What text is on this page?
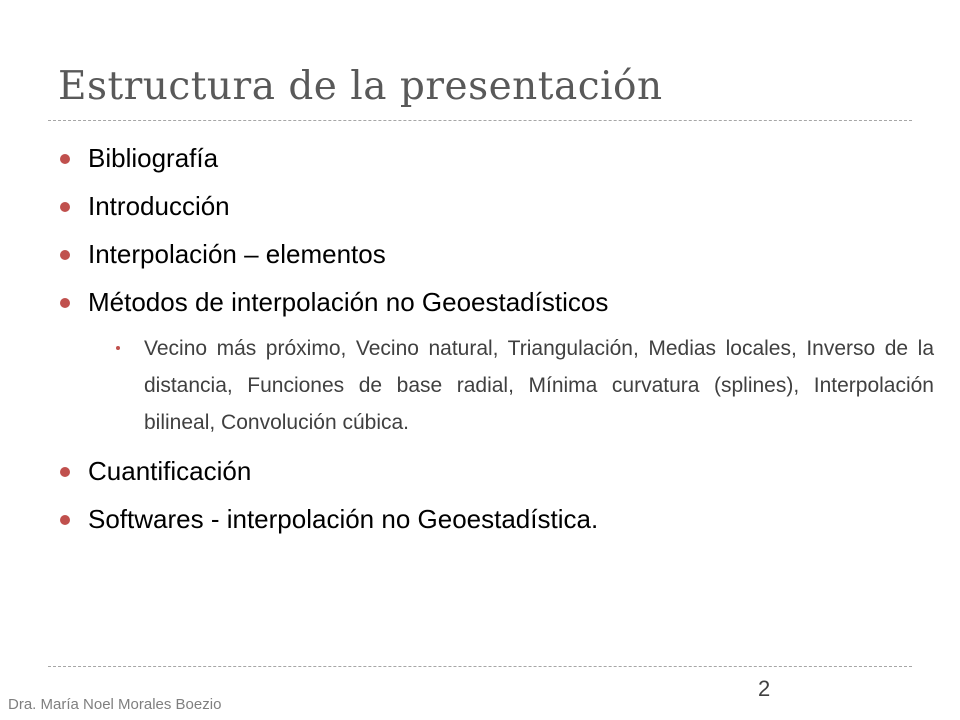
Estructura de la presentación
Bibliografía
Introducción
Interpolación – elementos
Métodos de interpolación no Geoestadísticos
Vecino más próximo, Vecino natural, Triangulación, Medias locales, Inverso de la distancia, Funciones de base radial, Mínima curvatura (splines), Interpolación bilineal, Convolución cúbica.
Cuantificación
Softwares - interpolación no Geoestadística.
2
Dra. María Noel Morales Boezio
